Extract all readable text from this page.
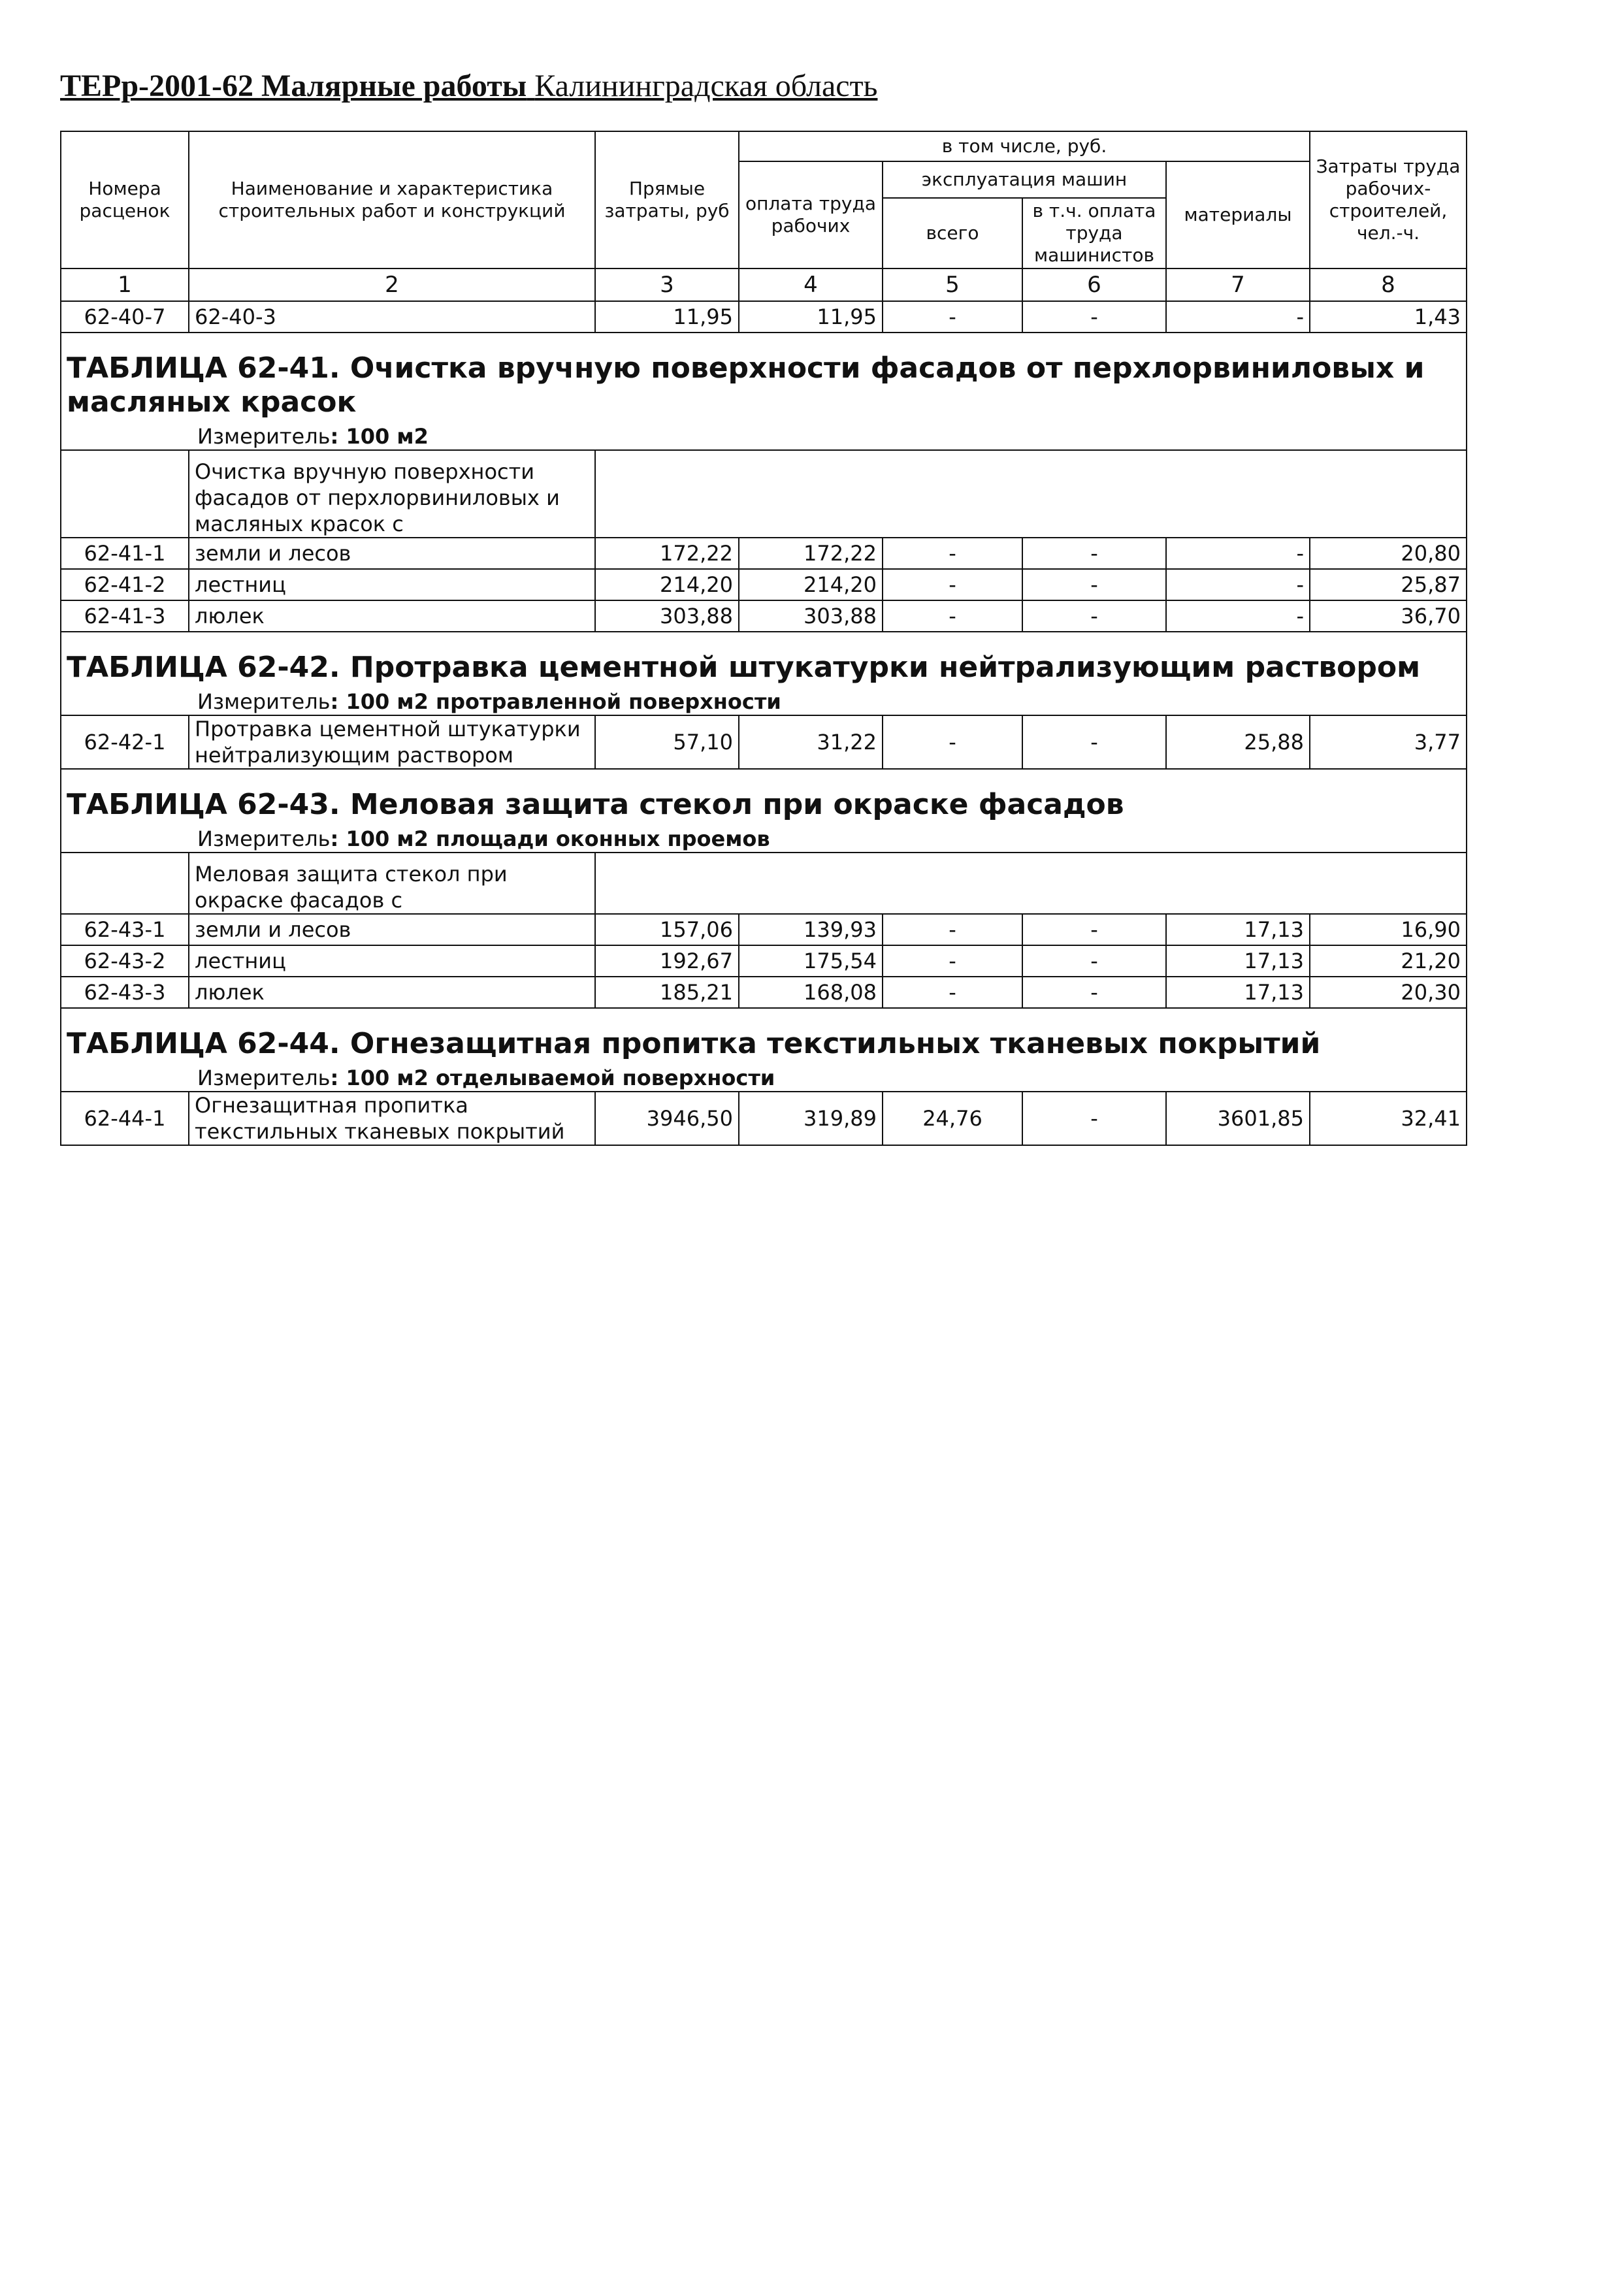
ТЕРр-2001-62 Малярные работы Калининградская область
Номера расценок	Наименование и характеристика строительных работ и конструкций	Прямые затраты, руб	в том числе, руб.				Затраты труда рабочих-строителей, чел.-ч.
			оплата труда рабочих	эксплуатация машин		материалы	
				всего	в т.ч. оплата труда машинистов		

1	2	3	4	5	6	7	8
62-40-7	62-40-3	11,95	11,95	-	-	-	1,43

ТАБЛИЦА 62-41. Очистка вручную поверхности фасадов от перхлорвиниловых и масляных красок							

Измеритель: 100 м2							

	Очистка вручную поверхности фасадов от перхлорвиниловых и масляных красок с						
62-41-1	земли и лесов	172,22	172,22	-	-	-	20,80
62-41-2	лестниц	214,20	214,20	-	-	-	25,87
62-41-3	люлек	303,88	303,88	-	-	-	36,70

ТАБЛИЦА 62-42. Протравка цементной штукатурки нейтрализующим раствором							

Измеритель: 100 м2 протравленной поверхности							

62-42-1	Протравка цементной штукатурки нейтрализующим раствором	57,10	31,22	-	-	25,88	3,77

ТАБЛИЦА 62-43. Меловая защита стекол при окраске фасадов							

Измеритель: 100 м2 площади оконных проемов							

	Меловая защита стекол при окраске фасадов с						
62-43-1	земли и лесов	157,06	139,93	-	-	17,13	16,90
62-43-2	лестниц	192,67	175,54	-	-	17,13	21,20
62-43-3	люлек	185,21	168,08	-	-	17,13	20,30

ТАБЛИЦА 62-44. Огнезащитная пропитка текстильных тканевых покрытий							

Измеритель: 100 м2 отделываемой поверхности							

62-44-1	Огнезащитная пропитка текстильных тканевых покрытий	3946,50	319,89	24,76	-	3601,85	32,41
